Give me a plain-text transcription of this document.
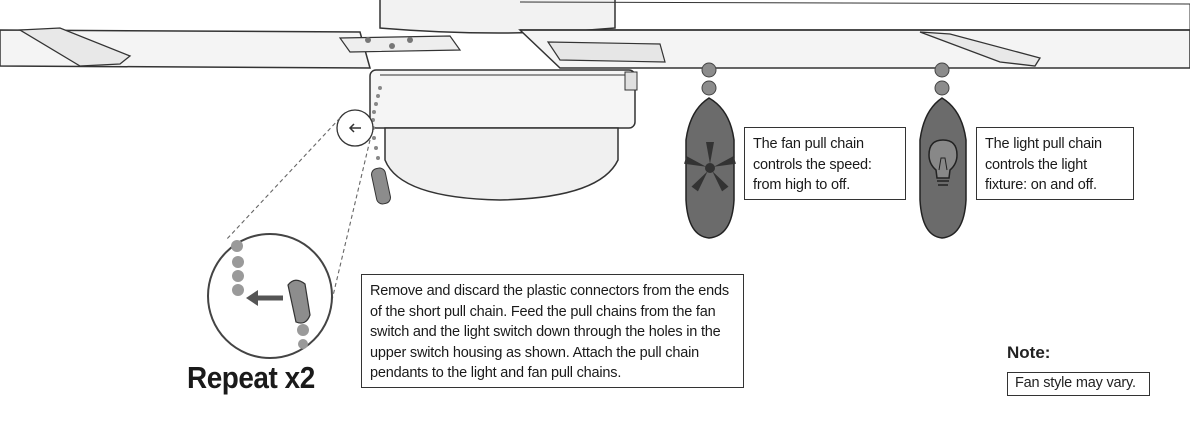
The fan pull chain controls the speed: from high to off.
The light pull chain controls the light fixture: on and off.
Remove and discard the plastic connectors from the ends of the short pull chain. Feed the pull chains from the fan switch and the light switch down through the holes in the upper switch housing as shown. Attach the pull chain pendants to the light and fan pull chains.
Repeat x2
Note:
Fan style may vary.
